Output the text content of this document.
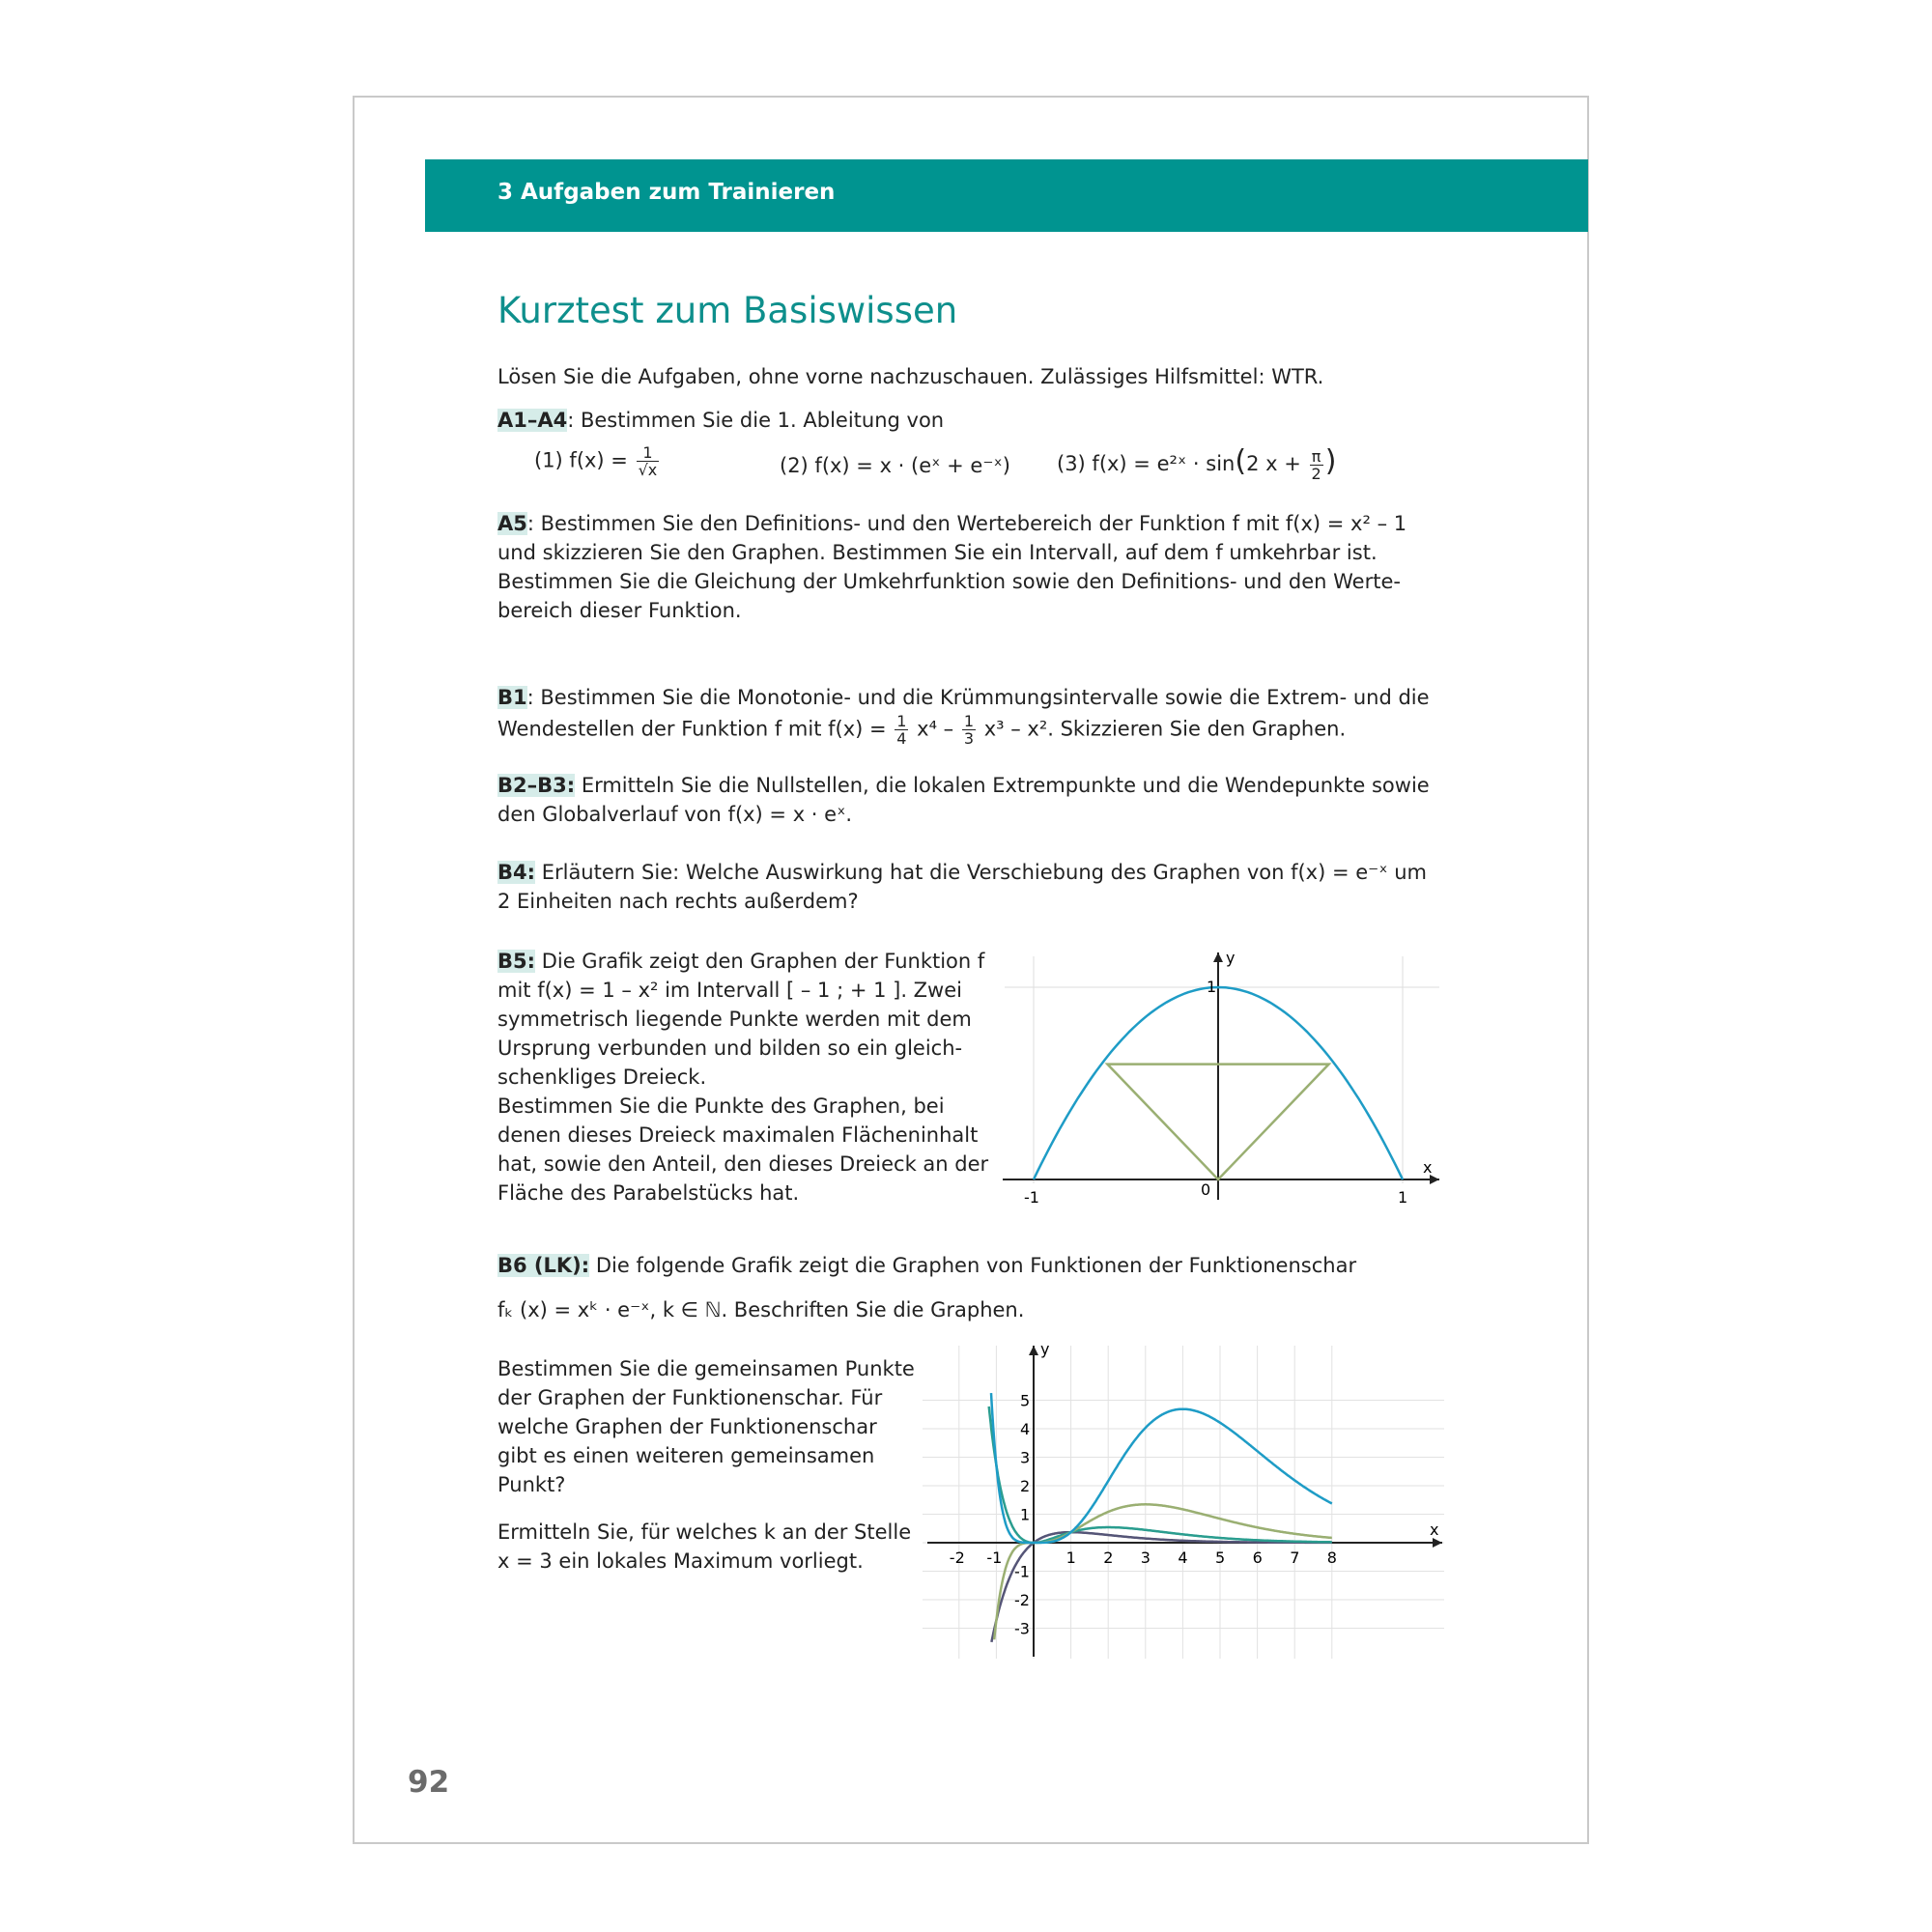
3 Aufgaben zum Trainieren
Kurztest zum Basiswissen
Lösen Sie die Aufgaben, ohne vorne nachzuschauen. Zulässiges Hilfsmittel: WTR.
A1–A4: Bestimmen Sie die 1. Ableitung von
(1) $f(x) = \frac{1}{√x}$	(2) f(x) = x · (eˣ + e⁻ˣ) (3) f(x) = e²ˣ · sin(2 $x + \frac{\pi}{2}$ )
A5: Bestimmen Sie den Definitions- und den Wertebereich der Funktion f mit f(x) = x² – 1 und skizzieren Sie den Graphen. Bestimmen Sie ein Intervall, auf dem f umkehrbar ist. Bestimmen Sie die Gleichung der Umkehrfunktion sowie den Definitions- und den Wertebereich dieser Funktion.
B1: Bestimmen Sie die Monotonie- und die Krümmungsintervalle sowie die Extrem- und die Wendestellen der Funktion f mit $f(x) = \frac{1}{4} x^4 - \frac{1}{3} x^3 - x^2$. Skizzieren Sie den Graphen.
B2–B3: Ermitteln Sie die Nullstellen, die lokalen Extrempunkte und die Wendepunkte sowie den Globalverlauf von f(x) = x · eˣ.
B4: Erläutern Sie: Welche Auswirkung hat die Verschiebung des Graphen von f(x) = e⁻ˣ um 2 Einheiten nach rechts außerdem?
B5: Die Grafik zeigt den Graphen der Funktion f mit f(x) = 1 – x² im Intervall [ – 1 ; + 1 ]. Zwei symmetrisch liegende Punkte werden mit dem Ursprung verbunden und bilden so ein gleichschenkliges Dreieck.
Bestimmen Sie die Punkte des Graphen, bei denen dieses Dreieck maximalen Flächeninhalt hat, sowie den Anteil, den dieses Dreieck an der Fläche des Parabelstücks hat.
x
y
-1	0	1
1
B6 (LK): Die folgende Grafik zeigt die Graphen von Funktionen der Funktionenschar
fₖ (x) = xᵏ · e⁻ˣ, k ∈ ℕ. Beschriften Sie die Graphen.
Bestimmen Sie die gemeinsamen Punkte der Graphen der Funktionenschar. Für welche Graphen der Funktionenschar gibt es einen weiteren gemeinsamen Punkt?
Ermitteln Sie, für welches k an der Stelle x = 3 ein lokales Maximum vorliegt.	-2 -1	1 2 3 4 5 6 7 8
5
4
3
2
1
-1
-2
-3
x
y
92
